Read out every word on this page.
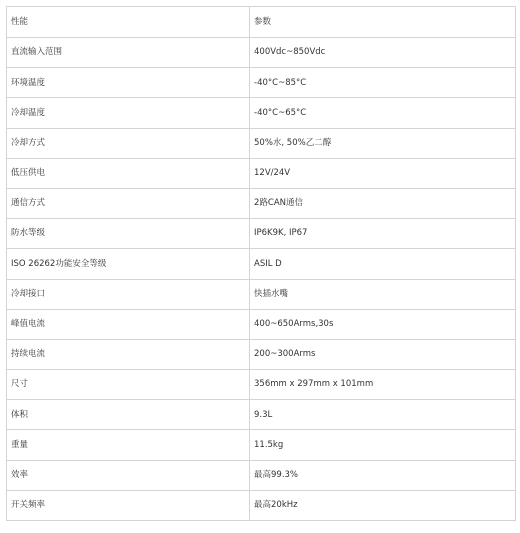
性能	参数
直流输入范围	400Vdc~850Vdc
环境温度	-40°C~85°C
冷却温度	-40°C~65°C
冷却方式	50%水, 50%乙二醇
低压供电	12V/24V
通信方式	2路CAN通信
防水等级	IP6K9K, IP67
ISO 26262功能安全等级	ASIL D
冷却接口	快插水嘴
峰值电流	400~650Arms,30s
持续电流	200~300Arms
尺寸	356mm x 297mm x 101mm
体积	9.3L
重量	11.5kg
效率	最高99.3%
开关频率	最高20kHz
